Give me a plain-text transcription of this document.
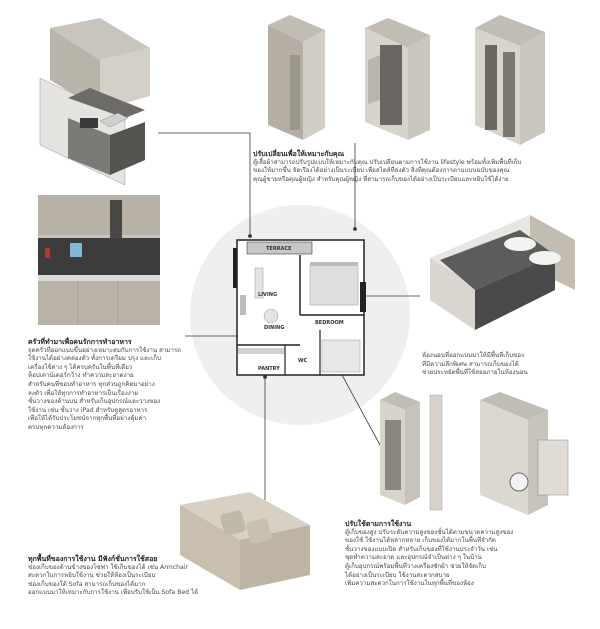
TERRACE
LIVING
DINING
BEDROOM
PANTRY
WC

ปรับเปลี่ยนเพื่อให้เหมาะกับคุณ

ตู้เสื้อผ้าสามารถปรับรูปแบบให้เหมาะกับคุณ ปรับเปลี่ยนตามการใช้งาน lifestyle พร้อมทั้งเพิ่มพื้นที่เก็บ

ของให้มากขึ้น จัดเรียงได้อย่างเป็นระเบียบ เพื่อสไตล์ที่ลงตัว สิ่งที่คุณต้องการตามแบบฉบับของคุณ

คุณผู้ชายหรือคุณผู้หญิง สำหรับคุณผู้หญิง ที่สามารถเก็บของได้อย่างเป็นระเบียบและหยิบใช้ได้ง่าย

ครัวที่ทำมาเพื่อคนรักการทำอาหาร

จุดครัวที่ออกแบบขึ้นอย่างเหมาะสมกับการใช้งาน สามารถ

ใช้งานได้อย่างคล่องตัว ทั้งการเตรียม ปรุง และเก็บ

เครื่องใช้ต่าง ๆ ได้ครบครันในพื้นที่เดียว

ท็อปเคาน์เตอร์กว้าง ทำความสะอาดง่าย

สำหรับคนที่ชอบทำอาหาร ทุกส่วนถูกคิดมาอย่าง

ลงตัว เพื่อให้ทุกการทำอาหารเป็นเรื่องง่าย

ชั้นวางของด้านบน สำหรับเก็บอุปกรณ์และวางของ

ใช้งาน เช่น ชั้นวาง iPad สำหรับดูสูตรอาหาร

เพื่อให้ได้รับประโยชน์จากทุกพื้นที่อย่างคุ้มค่า

ครบทุกความต้องการ

ห้องนอนที่ออกแบบมาให้มีพื้นที่เก็บของ

ที่มีความลึกพิเศษ สามารถเก็บของได้

ช่วยประหยัดพื้นที่ใช้สอยภายในห้องนอน

ปรับใช้ตามการใช้งาน

ตู้เก็บของสูง ปรับระดับความสูงของชั้นได้ตามขนาดความสูงของ

ของใช้ ใช้งานได้หลากหลาย เก็บของได้มากในพื้นที่จำกัด

ชั้นวางของแบบเปิด สำหรับเก็บของที่ใช้งานประจำวัน เช่น

ชุดทำความสะอาด และอุปกรณ์จำเป็นต่าง ๆ ในบ้าน

ตู้เก็บอุปกรณ์พร้อมพื้นที่วางเครื่องซักผ้า ช่วยให้จัดเก็บ

ได้อย่างเป็นระเบียบ ใช้งานสะดวกสบาย

เพิ่มความสะดวกในการใช้งานในทุกพื้นที่ของห้อง

ทุกพื้นที่ของการใช้งาน มีฟังก์ชั่นการใช้สอย

ช่องเก็บของด้านข้างของโซฟา ใช้เก็บของได้ เช่น Armchair

สะดวกในการหยิบใช้งาน ช่วยให้ห้องเป็นระเบียบ

ช่องเก็บของใต้ Sofa สามารถเก็บของได้มาก

ออกแบบมาให้เหมาะกับการใช้งาน เพื่อปรับใช้เป็น Sofa Bed ได้
